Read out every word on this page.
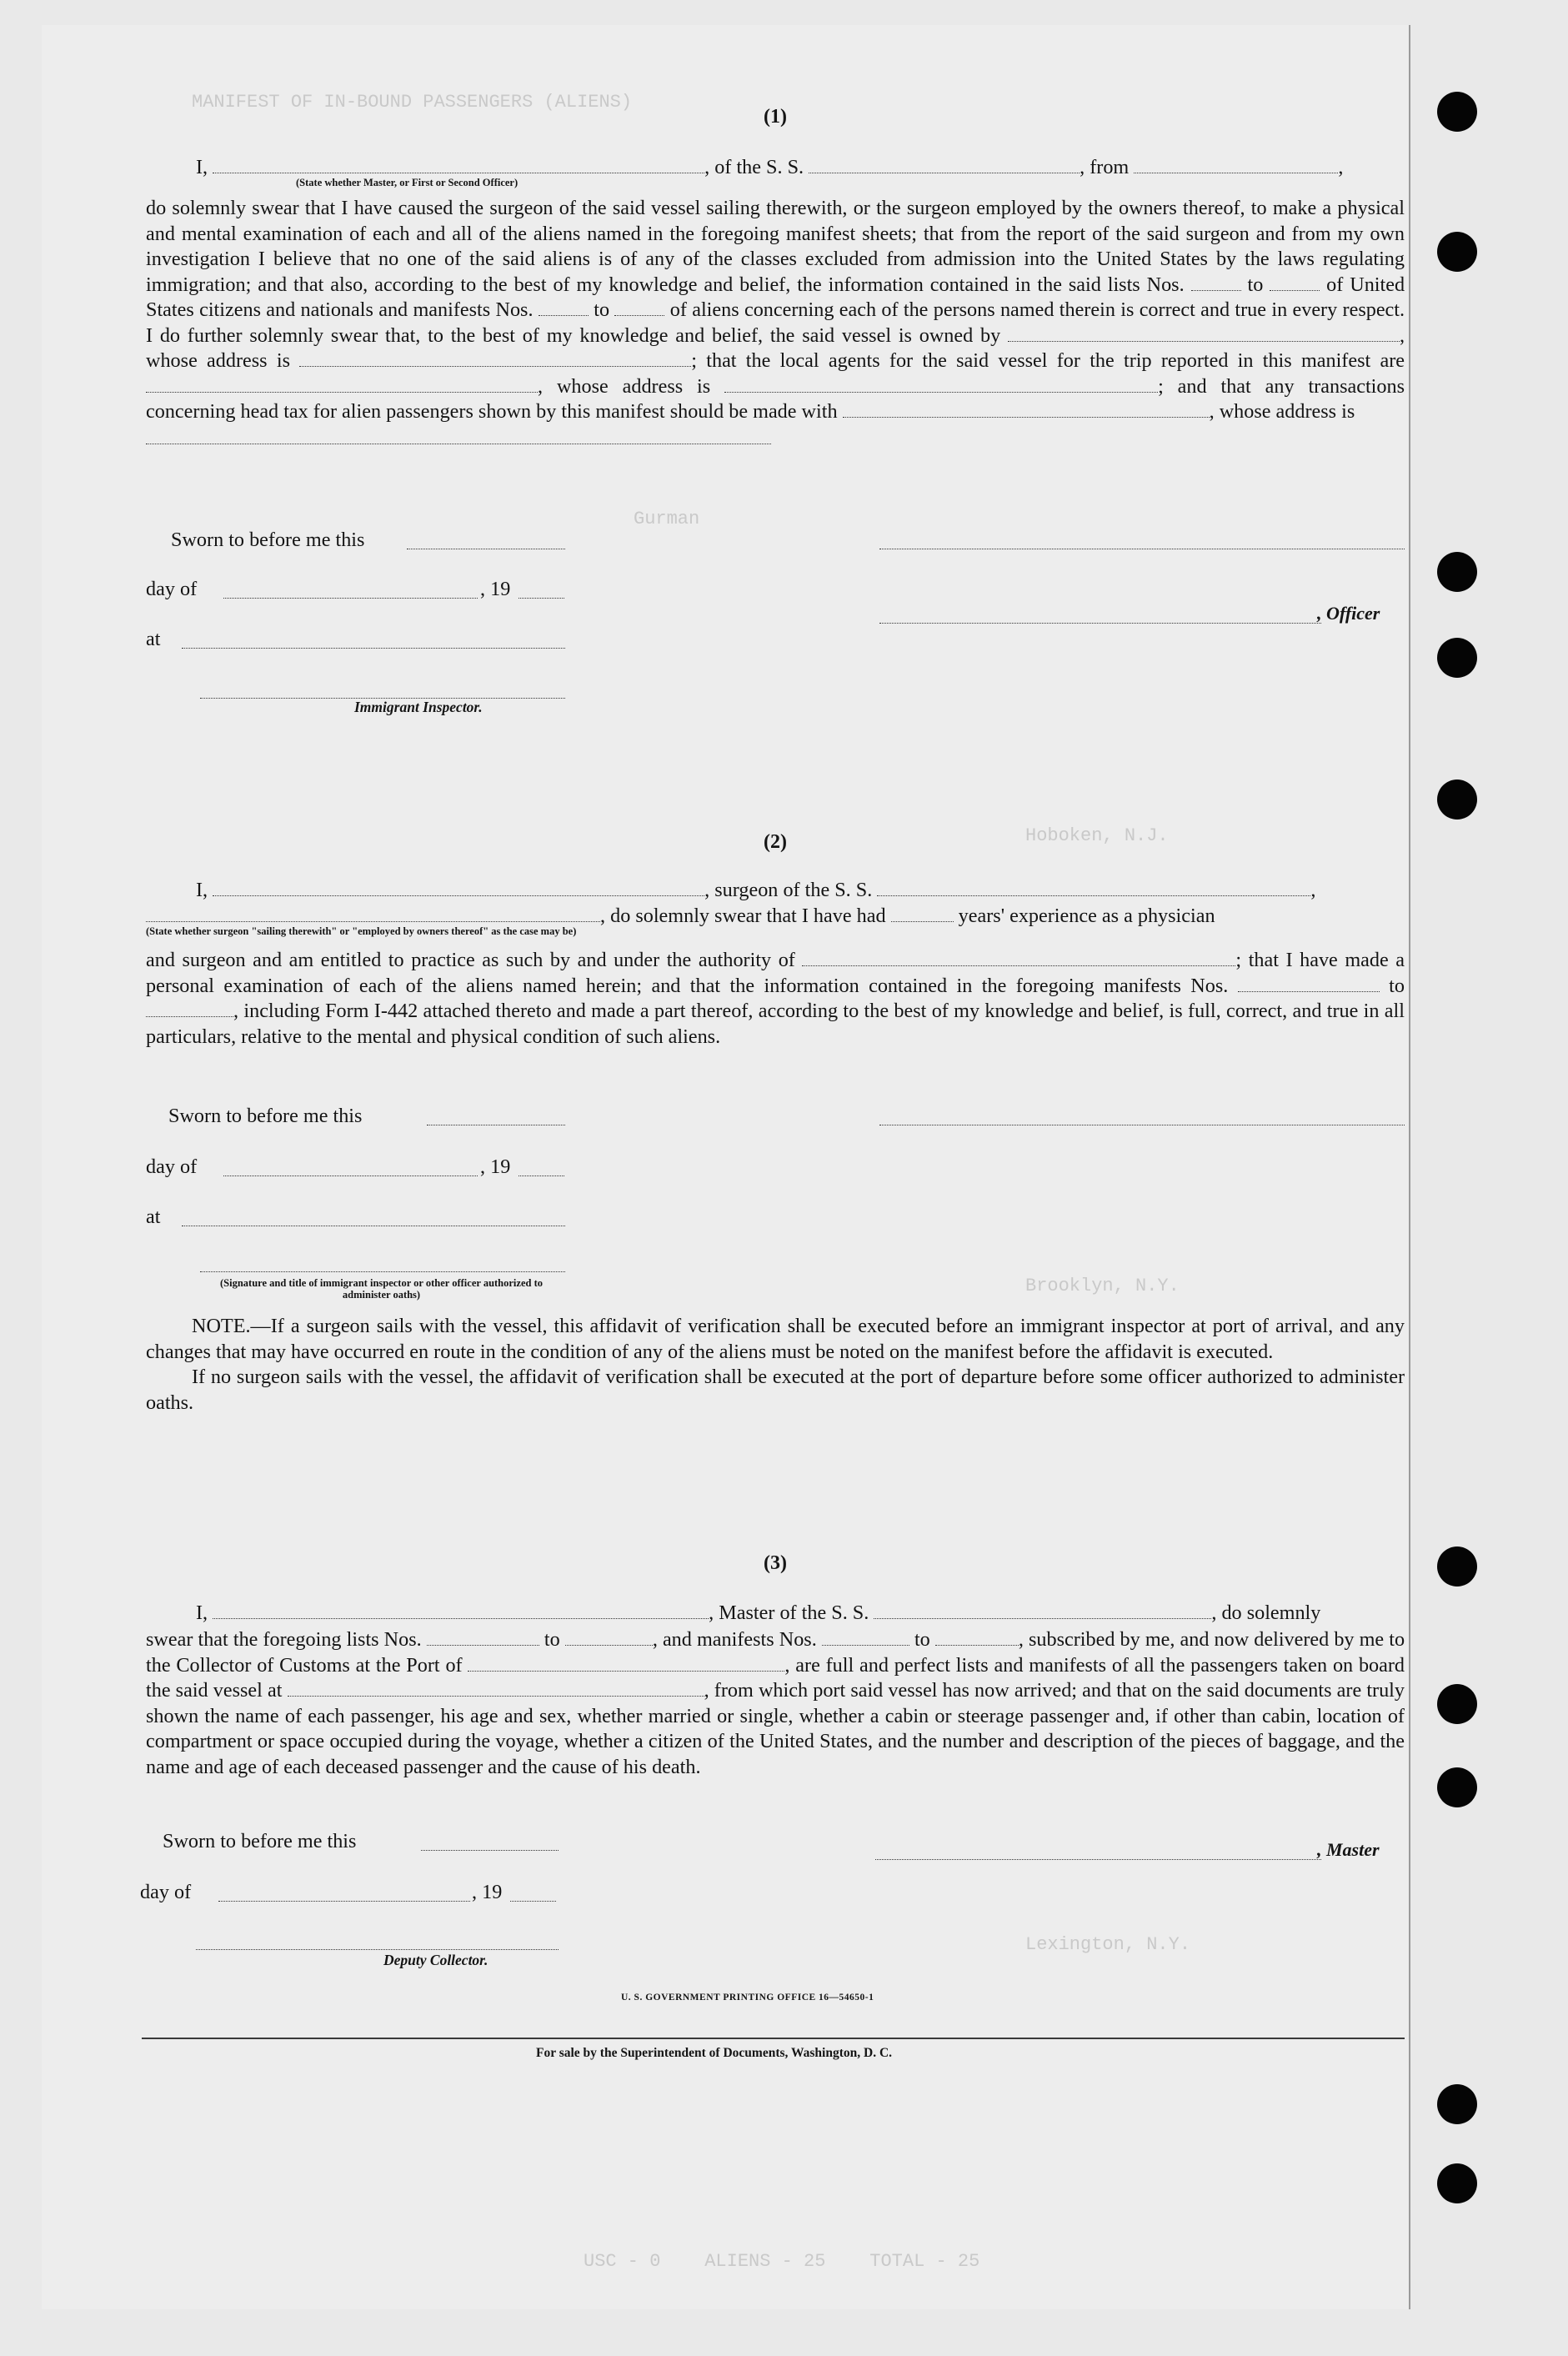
MANIFEST OF IN-BOUND PASSENGERS (ALIENS)
Gurman
Hoboken, N.J.
Brooklyn, N.Y.
Lexington, N.Y.
USC - 0    ALIENS - 25    TOTAL - 25
(1)
I,	, of the S. S.	, from	,
(State whether Master, or First or Second Officer)

do solemnly swear that I have caused the surgeon of the said vessel sailing therewith, or the surgeon employed by the owners thereof, to make a physical and mental examination of each and all of the aliens named in the foregoing manifest sheets; that from the report of the said surgeon and from my own investigation I believe that no one of the said aliens is of any of the classes excluded from admission into the United States by the laws regulating immigration; and that also, according to the best of my knowledge and belief, the information contained in the said lists Nos.	to	of United States citizens and nationals and manifests Nos.	to	of aliens concerning each of the persons named therein is correct and true in every respect. I do further solemnly swear that, to the best of my knowledge and belief, the said vessel is owned by	, whose address is	; that the local agents for the said vessel for the trip reported in this manifest are , whose address is	; and that any transactions concerning head tax for alien passengers shown by this manifest should be made with	, whose address is

Sworn to before me this
day of	, 19
, Officer
at
Immigrant Inspector.
(2)
I,	, surgeon of the S. S.	,
, do solemnly swear that I have had	years' experience as a physician
(State whether surgeon "sailing therewith" or "employed by owners thereof" as the case may be)

and surgeon and am entitled to practice as such by and under the authority of	; that I have made a personal examination of each of the aliens named herein; and that the information contained in the foregoing manifests Nos.	to , including Form I-442 attached thereto and made a part thereof, according to the best of my knowledge and belief, is full, correct, and true in all particulars, relative to the mental and physical condition of such aliens.

Sworn to before me this
day of	, 19
at
(Signature and title of immigrant inspector or other officer authorized to administer oaths)

NOTE.—If a surgeon sails with the vessel, this affidavit of verification shall be executed before an immigrant inspector at port of arrival, and any changes that may have occurred en route in the condition of any of the aliens must be noted on the manifest before the affidavit is executed.

If no surgeon sails with the vessel, the affidavit of verification shall be executed at the port of departure before some officer authorized to administer oaths.

(3)
I,	, Master of the S. S.	, do solemnly

swear that the foregoing lists Nos.	to	, and manifests Nos.	to	, subscribed by me, and now delivered by me to the Collector of Customs at the Port of	, are full and perfect lists and manifests of all the passengers taken on board the said vessel at	, from which port said vessel has now arrived; and that on the said documents are truly shown the name of each passenger, his age and sex, whether married or single, whether a cabin or steerage passenger and, if other than cabin, location of compartment or space occupied during the voyage, whether a citizen of the United States, and the number and description of the pieces of baggage, and the name and age of each deceased passenger and the cause of his death.

Sworn to before me this	, Master
day of	, 19
Deputy Collector.
U. S. GOVERNMENT PRINTING OFFICE 16—54650-1
For sale by the Superintendent of Documents, Washington, D. C.
